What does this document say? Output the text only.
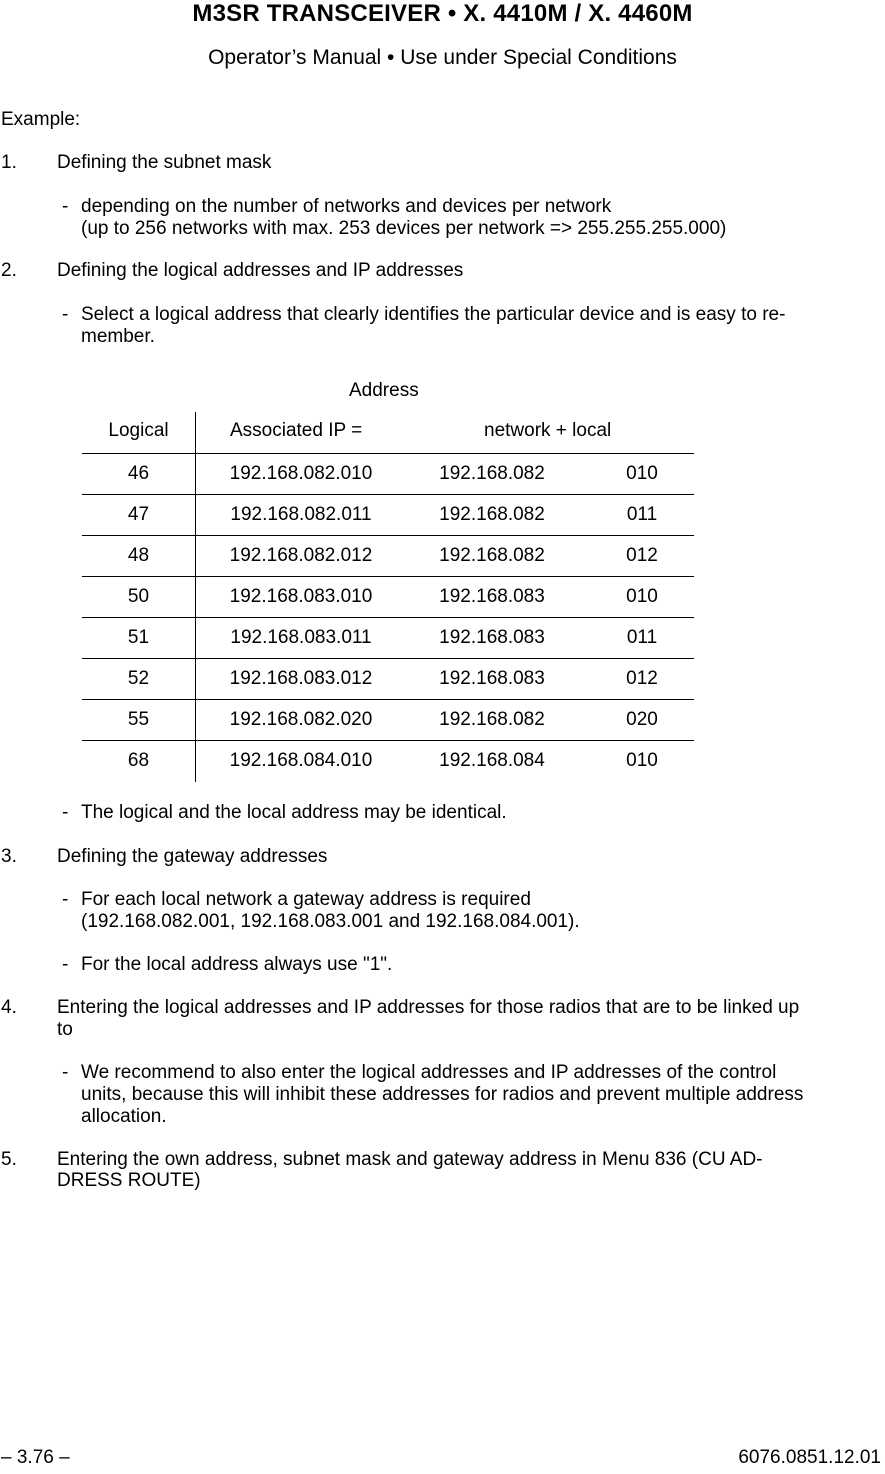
M3SR TRANSCEIVER • X. 4410M / X. 4460M
Operator’s Manual • Use under Special Conditions
Example:
1. Defining the subnet mask
- depending on the number of networks and devices per network
(up to 256 networks with max. 253 devices per network => 255.255.255.000)
2. Defining the logical addresses and IP addresses
- Select a logical address that clearly identifies the particular device and is easy to re-
member.
Address
Logical	Associated IP =	network + local
46	192.168.082.010	192.168.082	010
47	192.168.082.011	192.168.082	011
48	192.168.082.012	192.168.082	012
50	192.168.083.010	192.168.083	010
51	192.168.083.011	192.168.083	011
52	192.168.083.012	192.168.083	012
55	192.168.082.020	192.168.082	020
68	192.168.084.010	192.168.084	010
- The logical and the local address may be identical.
3. Defining the gateway addresses
- For each local network a gateway address is required
(192.168.082.001, 192.168.083.001 and 192.168.084.001).
- For the local address always use "1".
4. Entering the logical addresses and IP addresses for those radios that are to be linked up
to
- We recommend to also enter the logical addresses and IP addresses of the control
units, because this will inhibit these addresses for radios and prevent multiple address
allocation.
5. Entering the own address, subnet mask and gateway address in Menu 836 (CU AD-
DRESS ROUTE)
– 3.76 –	6076.0851.12.01
